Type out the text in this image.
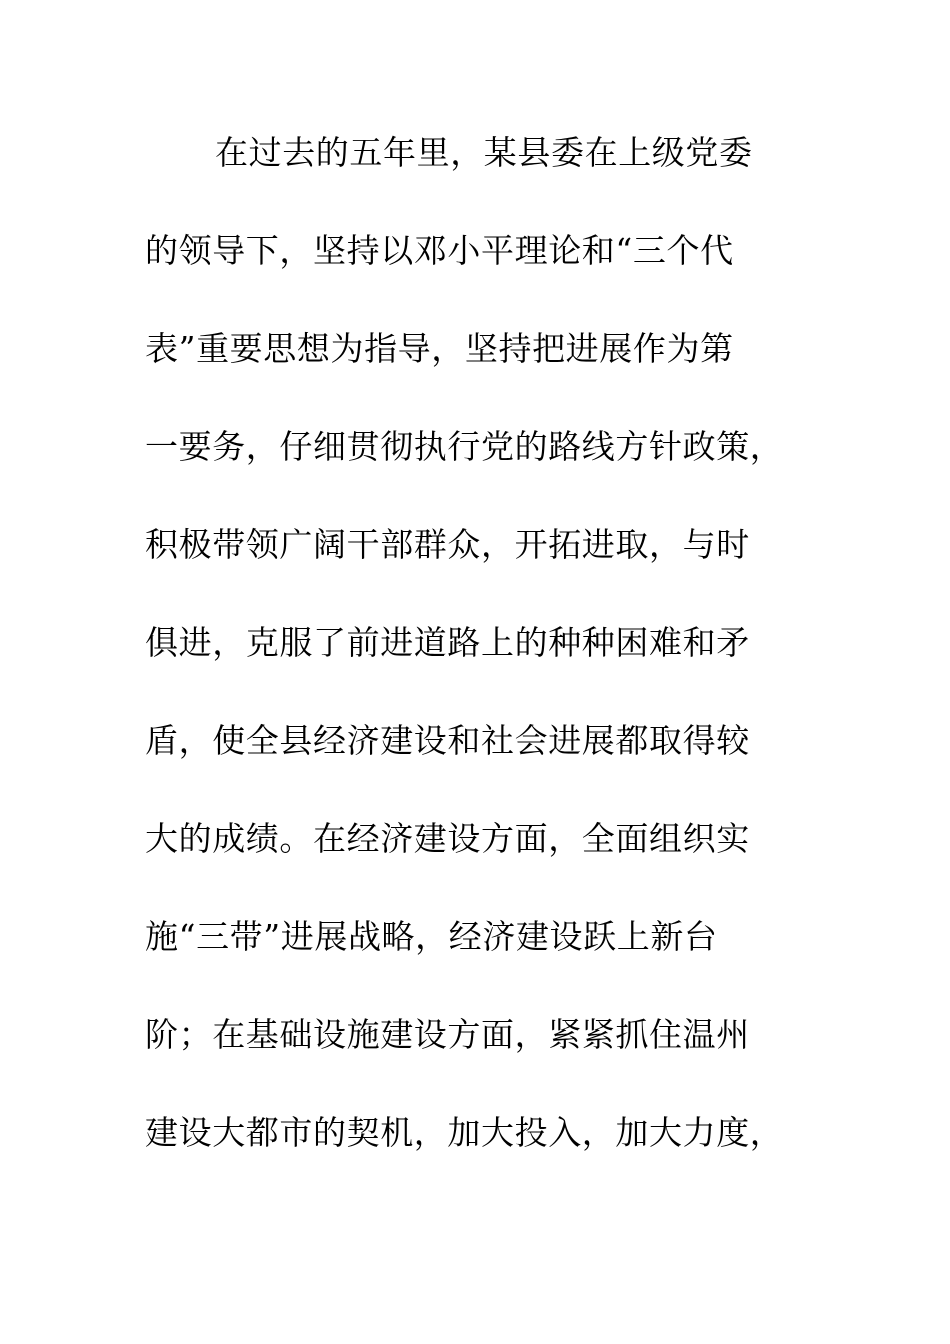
在过去的五年里，某县委在上级党委
的领导下，坚持以邓小平理论和“三个代
表”重要思想为指导，坚持把进展作为第
一要务，仔细贯彻执行党的路线方针政策，
积极带领广阔干部群众，开拓进取，与时
俱进，克服了前进道路上的种种困难和矛
盾，使全县经济建设和社会进展都取得较
大的成绩。在经济建设方面，全面组织实
施“三带”进展战略，经济建设跃上新台
阶；在基础设施建设方面，紧紧抓住温州
建设大都市的契机，加大投入，加大力度，
